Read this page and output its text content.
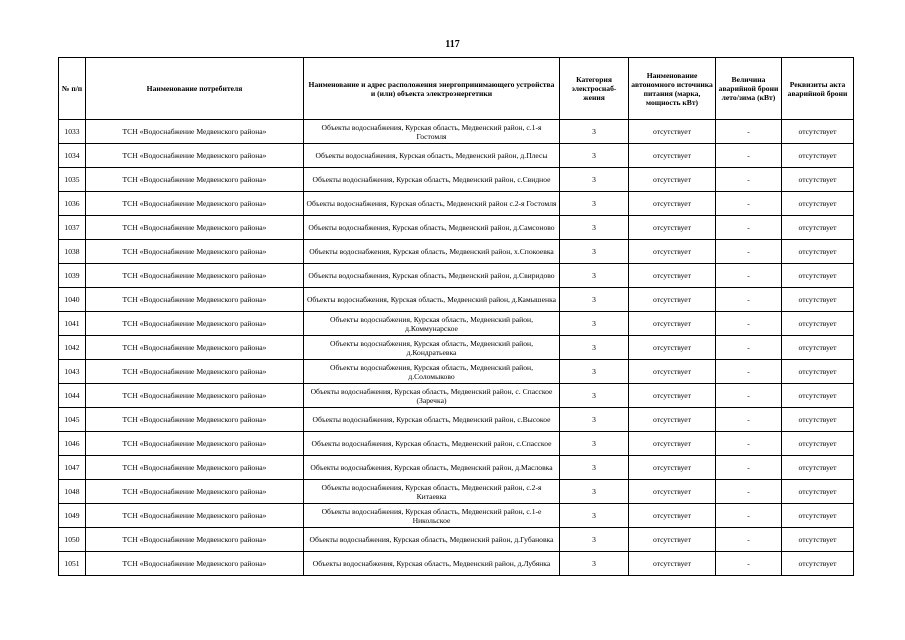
117
№ п/п	Наименование потребителя	Наименование и адрес расположения энергопринимающего устройства и (или) объекта электроэнергетики	Категория электроснаб-жения	Наименование автономного источника питания (марка, мощность кВт)	Величина аварийной брони лето/зима (кВт)	Реквизиты акта аварийной брони
1033	ТСН «Водоснабжение Медвенского района»	Объекты водоснабжения, Курская область, Медвенский район, с.1-я Гостомля	3	отсутствует	-	отсутствует
1034	ТСН «Водоснабжение Медвенского района»	Объекты водоснабжения, Курская область, Медвенский район, д.Плесы	3	отсутствует	-	отсутствует
1035	ТСН «Водоснабжение Медвенского района»	Объекты водоснабжения, Курская область, Медвенский район, с.Свидное	3	отсутствует	-	отсутствует
1036	ТСН «Водоснабжение Медвенского района»	Объекты водоснабжения, Курская область, Медвенский район с.2-я Гостомля	3	отсутствует	-	отсутствует
1037	ТСН «Водоснабжение Медвенского района»	Объекты водоснабжения, Курская область, Медвенский район, д.Самсоново	3	отсутствует	-	отсутствует
1038	ТСН «Водоснабжение Медвенского района»	Объекты водоснабжения, Курская область, Медвенский район, х.Спокоевка	3	отсутствует	-	отсутствует
1039	ТСН «Водоснабжение Медвенского района»	Объекты водоснабжения, Курская область, Медвенский район, д.Свиридово	3	отсутствует	-	отсутствует
1040	ТСН «Водоснабжение Медвенского района»	Объекты водоснабжения, Курская область, Медвенский район, д.Камышенка	3	отсутствует	-	отсутствует
1041	ТСН «Водоснабжение Медвенского района»	Объекты водоснабжения, Курская область, Медвенский район, д.Коммунарское	3	отсутствует	-	отсутствует
1042	ТСН «Водоснабжение Медвенского района»	Объекты водоснабжения, Курская область, Медвенский район, д.Кондратьевка	3	отсутствует	-	отсутствует
1043	ТСН «Водоснабжение Медвенского района»	Объекты водоснабжения, Курская область, Медвенский район, д.Соломыково	3	отсутствует	-	отсутствует
1044	ТСН «Водоснабжение Медвенского района»	Объекты водоснабжения, Курская область, Медвенский район, с. Спасское (Заречка)	3	отсутствует	-	отсутствует
1045	ТСН «Водоснабжение Медвенского района»	Объекты водоснабжения, Курская область, Медвенский район, с.Высокое	3	отсутствует	-	отсутствует
1046	ТСН «Водоснабжение Медвенского района»	Объекты водоснабжения, Курская область, Медвенский район, с.Спасское	3	отсутствует	-	отсутствует
1047	ТСН «Водоснабжение Медвенского района»	Объекты водоснабжения, Курская область, Медвенский район, д.Масловка	3	отсутствует	-	отсутствует
1048	ТСН «Водоснабжение Медвенского района»	Объекты водоснабжения, Курская область, Медвенский район, с.2-я Китаевка	3	отсутствует	-	отсутствует
1049	ТСН «Водоснабжение Медвенского района»	Объекты водоснабжения, Курская область, Медвенский район, с.1-е Никольское	3	отсутствует	-	отсутствует
1050	ТСН «Водоснабжение Медвенского района»	Объекты водоснабжения, Курская область, Медвенский район, д.Губановка	3	отсутствует	-	отсутствует
1051	ТСН «Водоснабжение Медвенского района»	Объекты водоснабжения, Курская область, Медвенский район, д.Лубянка	3	отсутствует	-	отсутствует
